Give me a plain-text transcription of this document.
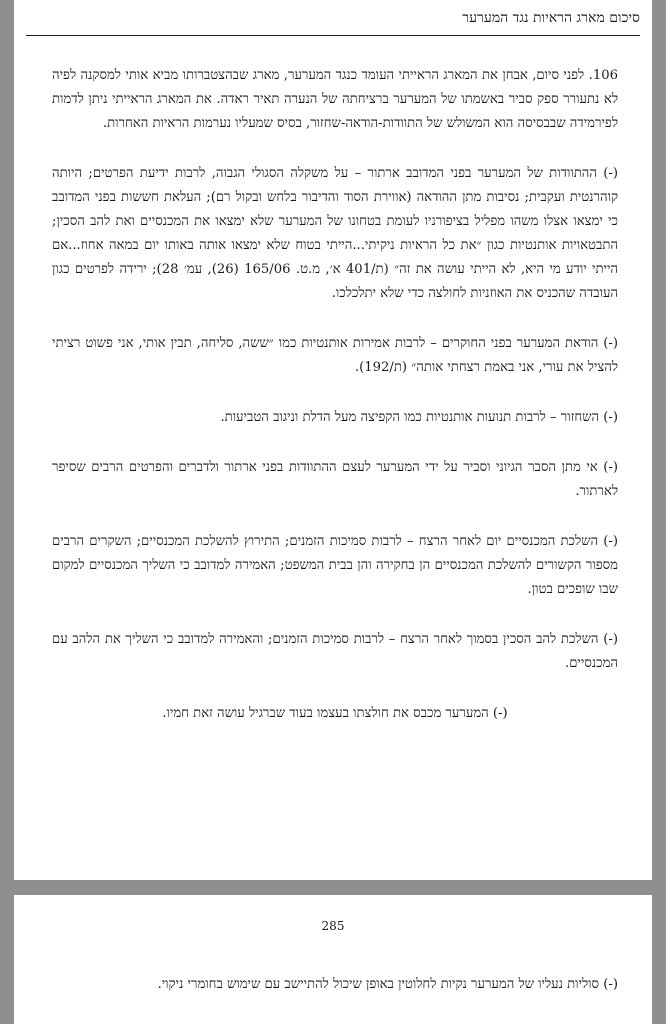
סיכום מארג הראיות נגד המערער

106. לפני סיום, אבחן את המארג הראייתי העומד כנגד המערער, מארג שבהצטברותו מביא אותי למסקנה לפיה לא נתעורר ספק סביר באשמתו של המערער ברציחתה של הנערה תאיר ראדה. את המארג הראייתי ניתן לדמות לפירמידה שבבסיסה הוא המשולש של התוודות-הודאה-שחזור, בסיס שמעליו נערמות הראיות האחרות.

(-) ההתוודות של המערער בפני המדובב ארתור – על משקלה הסגולי הגבוה, לרבות ידיעת הפרטים; היותה קוהרנטית ועקבית; נסיבות מתן ההודאה (אווירת הסוד והדיבור בלחש ובקול רם); העלאת חששות בפני המדובב כי ימצאו אצלו משהו מפליל בציפורניו לעומת בטחונו של המערער שלא ימצאו את המכנסיים ואת להב הסכין; התבטאויות אותנטיות כגון ״את כל הראיות ניקיתי...הייתי בטוח שלא ימצאו אותה באותו יום במאה אחוז...אם הייתי יודע מי היא, לא הייתי עושה את זה״ (ת/401 א׳, מ.ט. 165/06 (26), עמ׳ 28); ירידה לפרטים כגון העובדה שהכניס את האוזניות לחולצה כדי שלא יתלכלכו.

(-) הודאת המערער בפני החוקרים – לרבות אמירות אותנטיות כמו ״ששה, סליחה, תבין אותי, אני פשוט רציתי להציל את עורי, אני באמת רצחתי אותה״ (ת/192).

(-) השחזור – לרבות תנועות אותנטיות כמו הקפיצה מעל הדלת וניגוב הטביעות.

(-) אי מתן הסבר הגיוני וסביר על ידי המערער לעצם ההתוודות בפני ארתור ולדברים והפרטים הרבים שסיפר לארתור.

(-) השלכת המכנסיים יום לאחר הרצח – לרבות סמיכות הזמנים; התירוץ להשלכת המכנסיים; השקרים הרבים מספור הקשורים להשלכת המכנסיים הן בחקירה והן בבית המשפט; האמירה למדובב כי השליך המכנסיים למקום שבו שופכים בטון.

(-) השלכת להב הסכין בסמוך לאחר הרצח – לרבות סמיכות הזמנים; והאמירה למדובב כי השליך את הלהב עם המכנסיים.

(-) המערער מכבס את חולצתו בעצמו בעוד שברגיל עושה זאת חמיו.

285

(-) סוליות נעליו של המערער נקיות לחלוטין באופן שיכול להתיישב עם שימוש בחומרי ניקוי.
